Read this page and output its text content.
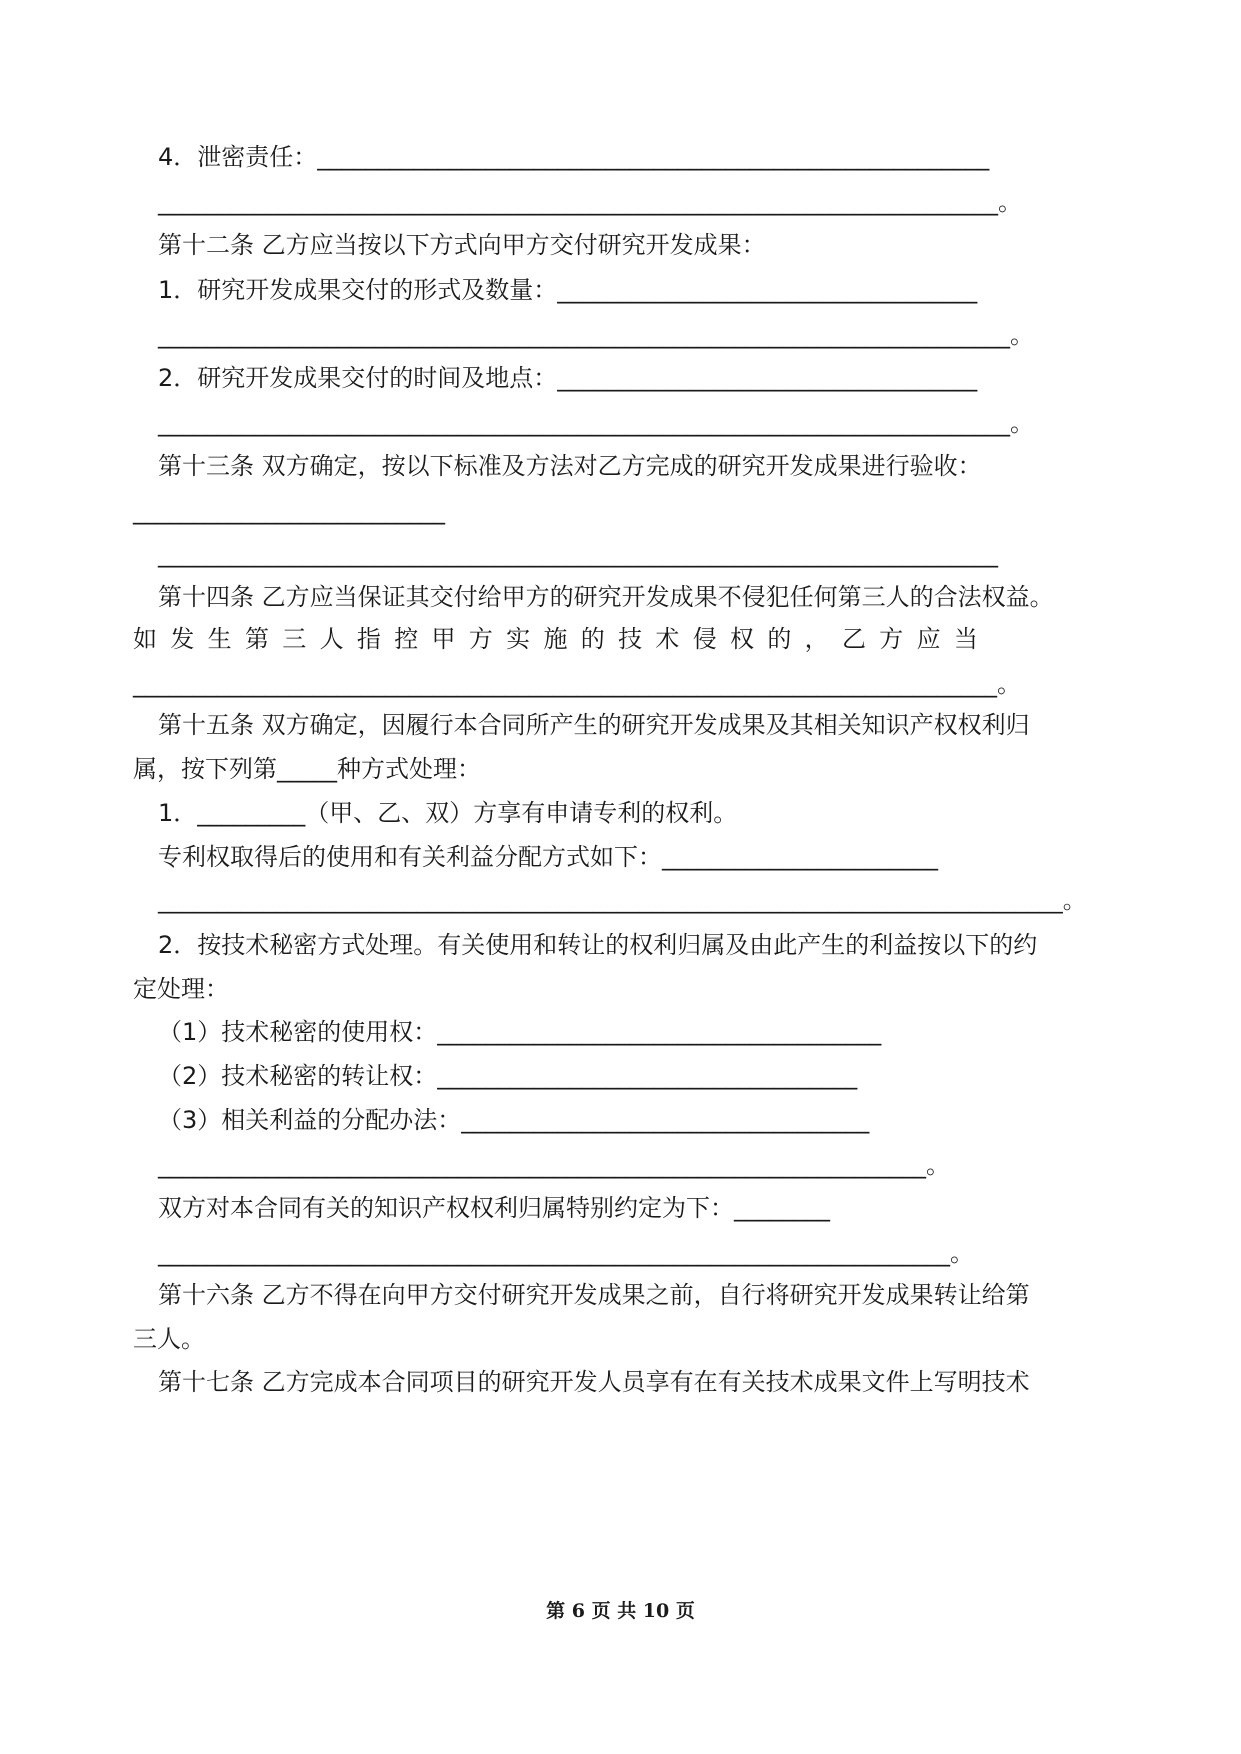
4．泄密责任：________________________________________________________
______________________________________________________________________。
第十二条 乙方应当按以下方式向甲方交付研究开发成果：
1．研究开发成果交付的形式及数量：___________________________________
_______________________________________________________________________。
2．研究开发成果交付的时间及地点：___________________________________
_______________________________________________________________________。
第十三条 双方确定，按以下标准及方法对乙方完成的研究开发成果进行验收：
__________________________
______________________________________________________________________
第十四条 乙方应当保证其交付给甲方的研究开发成果不侵犯任何第三人的合法权益。
如 发 生 第 三 人 指 控 甲 方 实 施 的 技 术 侵 权 的 ， 乙 方 应 当
________________________________________________________________________。
第十五条 双方确定，因履行本合同所产生的研究开发成果及其相关知识产权权利归
属，按下列第_____种方式处理：
1．_________（甲、乙、双）方享有申请专利的权利。
专利权取得后的使用和有关利益分配方式如下：_______________________
_____________________________________________________________________________。
2．按技术秘密方式处理。有关使用和转让的权利归属及由此产生的利益按以下的约
定处理：
（1）技术秘密的使用权：_____________________________________
（2）技术秘密的转让权：___________________________________
（3）相关利益的分配办法：__________________________________
________________________________________________________________。
双方对本合同有关的知识产权权利归属特别约定为下：________
__________________________________________________________________。
第十六条 乙方不得在向甲方交付研究开发成果之前，自行将研究开发成果转让给第
三人。
第十七条 乙方完成本合同项目的研究开发人员享有在有关技术成果文件上写明技术
第 6 页 共 10 页
